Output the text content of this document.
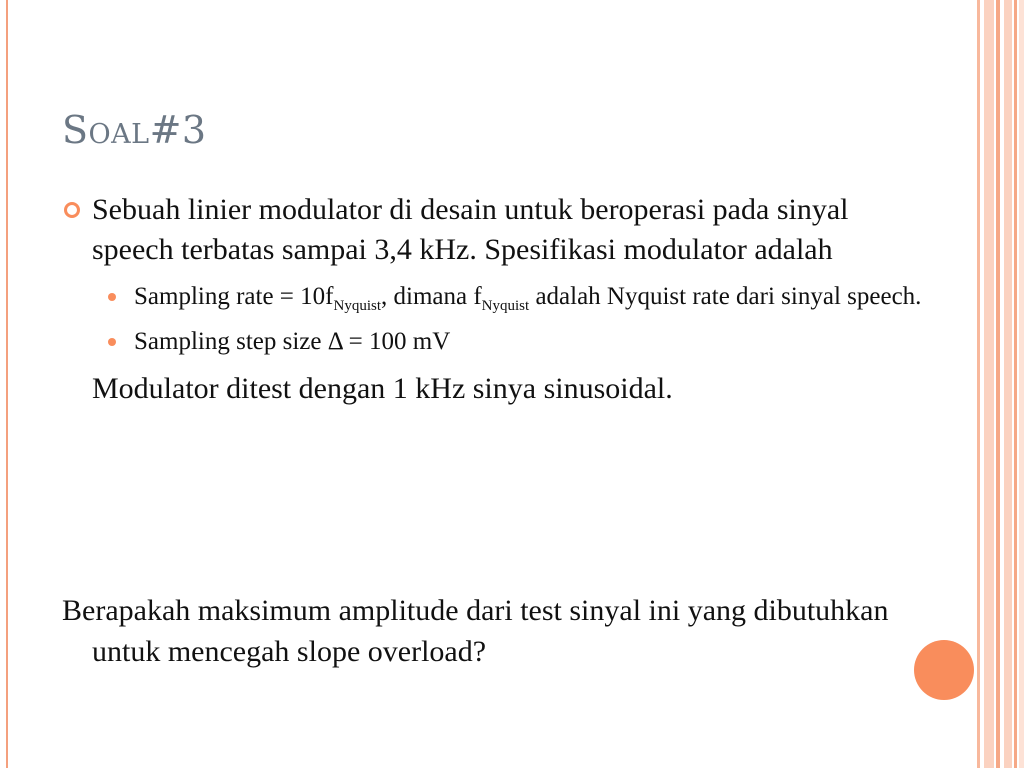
Soal#3
Sebuah linier modulator di desain untuk beroperasi pada sinyal speech terbatas sampai 3,4 kHz. Spesifikasi modulator adalah
Sampling rate = $10f_{Nyquist}$, dimana $f_{Nyquist}$ adalah Nyquist rate dari sinyal speech.
Sampling step size Δ = 100 mV
Modulator ditest dengan 1 kHz sinya sinusoidal.
Berapakah maksimum amplitude dari test sinyal ini yang dibutuhkan untuk mencegah slope overload?
